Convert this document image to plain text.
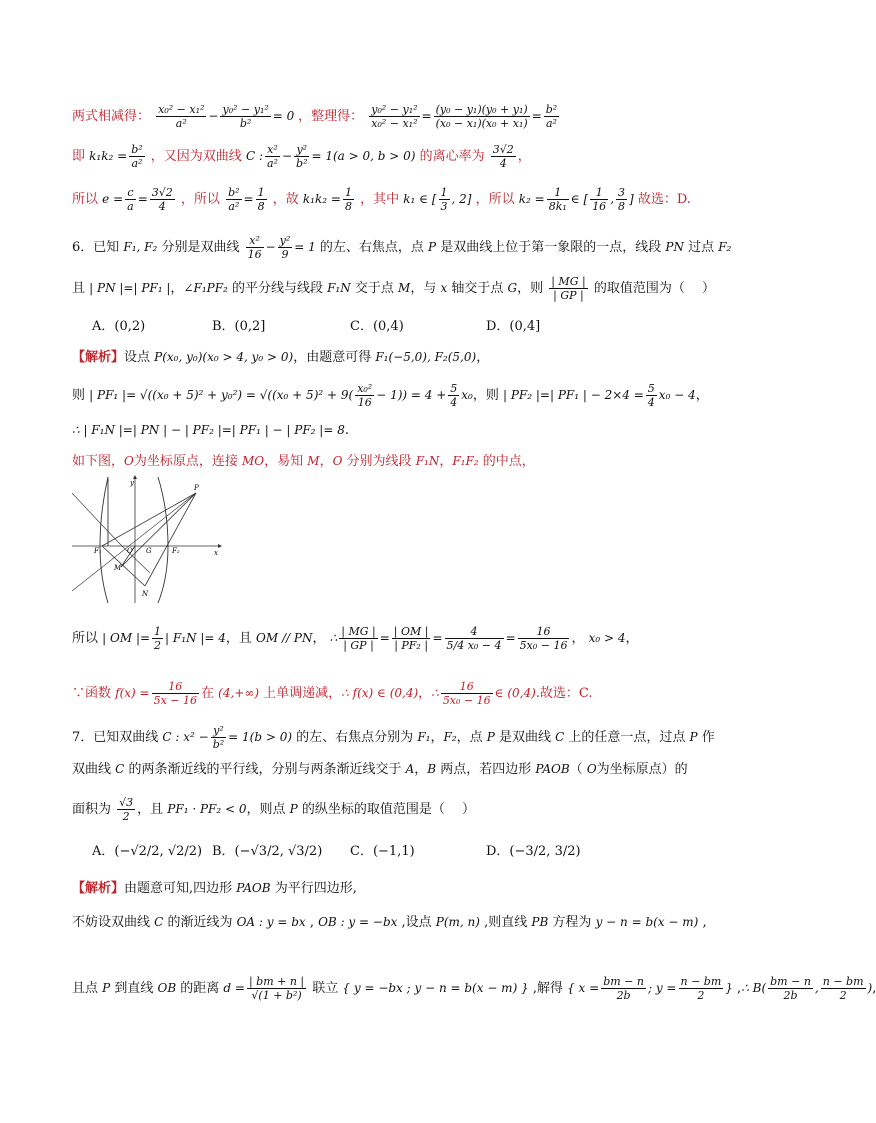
两式相减得： $\frac{\text{x₀² − x₁²}}{\text{a²}} - \frac{\text{y₀² − y₁²}}{\text{b²}} = 0$ ，整理得： $\frac{\text{y₀² − y₁²}}{\text{x₀² − x₁²}} = \frac{\text{(y₀ − y₁)(y₀ + y₁)}}{\text{(x₀ − x₁)(x₀ + x₁)}} = \frac{\text{b²}}{\text{a²}}$
即 $k_1k_2 = \frac{\text{b²}}{\text{a²}}$ ，又因为双曲线 C : $\frac{\text{x²}}{\text{a²}} - \frac{\text{y²}}{\text{b²}} = 1(a > 0$, b > 0) 的离心率为 $\frac{3√2}{4}$ ，
所以 $e = \frac{c}{a} = \frac{3√2}{4}$ ，所以 $\frac{\text{b²}}{\text{a²}} = \frac{1}{8}$ ，故 $k_1k_2 = \frac{1}{8}$ ，其中 k₁ ∈ [ $\frac{1}{3}$ , 2] ，所以 $k_2 = \frac{1}{\text{8k₁}}$ ∈ [ $\frac{1}{16}$ , $\frac{3}{8}$ ] 故选：D.
6．已知 F₁, F₂ 分别是双曲线 $\frac{\text{x²}}{16} - \frac{\text{y²}}{9} = 1$ 的左、右焦点，点 P 是双曲线上位于第一象限的一点，线段 PN 过点 F₂
且 | PN |=| PF₁ |，∠F₁PF₂ 的平分线与线段 F₁N 交于点 M，与 x 轴交于点 G，则 $\frac{| MG |}{| GP |}$ 的取值范围为（　 ）
A．(0,2)	B．(0,2]	C．(0,4)	D．(0,4]
【解析】设点 P(x₀, y₀)(x₀ > 4, y₀ > 0)，由题意可得 F₁(−5,0), F₂(5,0)，
则 | PF₁ |= $√((x_0 + 5)^2 + y_0^2) = √((x_0 + 5)^2 + 9( \frac{\text{x₀²}}{16} - 1)) = 4 + \frac{5}{4} x_0$，则 | PF₂ |=| PF₁ | − $2\times 4 = \frac{5}{4} x_0 - 4$，
∴ | F₁N |=| PN | − | PF₂ |=| PF₁ | − | PF₂ |= 8.
如下图，O为坐标原点，连接 MO，易知 M，O 分别为线段 F₁N，F₁F₂ 的中点，
y
x
P
F₁	O G	F₂
M
N
所以 | OM |= $\frac{1}{2}$ | F₁N |= 4，且 OM // PN， ∴ $\frac{| MG |}{| GP |} = \frac{| OM |}{\text{| PF₂ |}} = \frac{4}{\text{5/4 x₀ − 4}} = \frac{16}{\text{5x₀ − 16}}$ ， x₀ > 4，
∵函数 $f(x) = \frac{16}{5x - 16}$ 在 (4,+∞) 上单调递减，∴ f(x) ∈ (0,4)，∴ $\frac{16}{\text{5x₀ − 16}}$ ∈ (0,4).故选：C.
7．已知双曲线 C : $x^2 - \frac{\text{y²}}{\text{b²}} = 1(b > 0)$ 的左、右焦点分别为 F₁，F₂，点 P 是双曲线 C 上的任意一点，过点 P 作
双曲线 C 的两条渐近线的平行线，分别与两条渐近线交于 A，B 两点，若四边形 PAOB（ O为坐标原点）的
面积为 $\frac{√3}{2}$ ，且 PF₁ · PF₂ < 0，则点 P 的纵坐标的取值范围是（　 ）
A．(−√2/2, √2/2) B．(−√3/2, √3/2) C．(−1,1)	D．(−3/2, 3/2)
【解析】由题意可知,四边形 PAOB 为平行四边形,
不妨设双曲线 C 的渐近线为 OA : y = bx , OB : y = −bx ,设点 P(m, n) ,则直线 PB 方程为 y − n = b(x − m) ,
且点 P 到直线 OB 的距离 $d = \frac{| bm + n |}{\text{√(1 + b²)}}$ 联立 { y = −bx ; y − n = b(x − m) } ,解得 { $x = \frac{bm - n}{2b}$ ; $y = \frac{n - bm}{2}$ } ,∴ $B( \frac{bm - n}{2b}$ , $\frac{n - bm}{2}$ ),
